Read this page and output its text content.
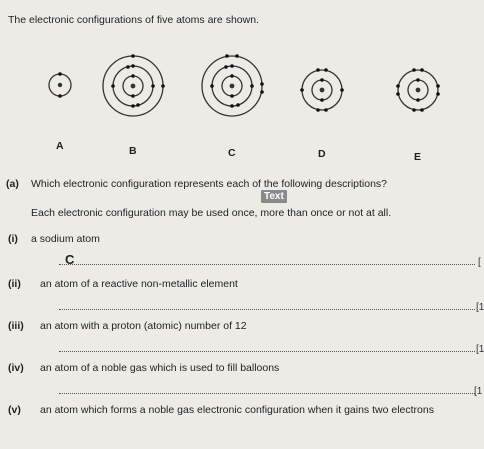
The electronic configurations of five atoms are shown.
A	B	C	D	E
(a) Which electronic configuration represents each of the following descriptions?
Text
Each electronic configuration may be used once, more than once or not at all.
(i) a sodium atom
C	[
(ii) an atom of a reactive non-metallic element
[1
(iii) an atom with a proton (atomic) number of 12
[1
(iv) an atom of a noble gas which is used to fill balloons
[1
(v) an atom which forms a noble gas electronic configuration when it gains two electrons
